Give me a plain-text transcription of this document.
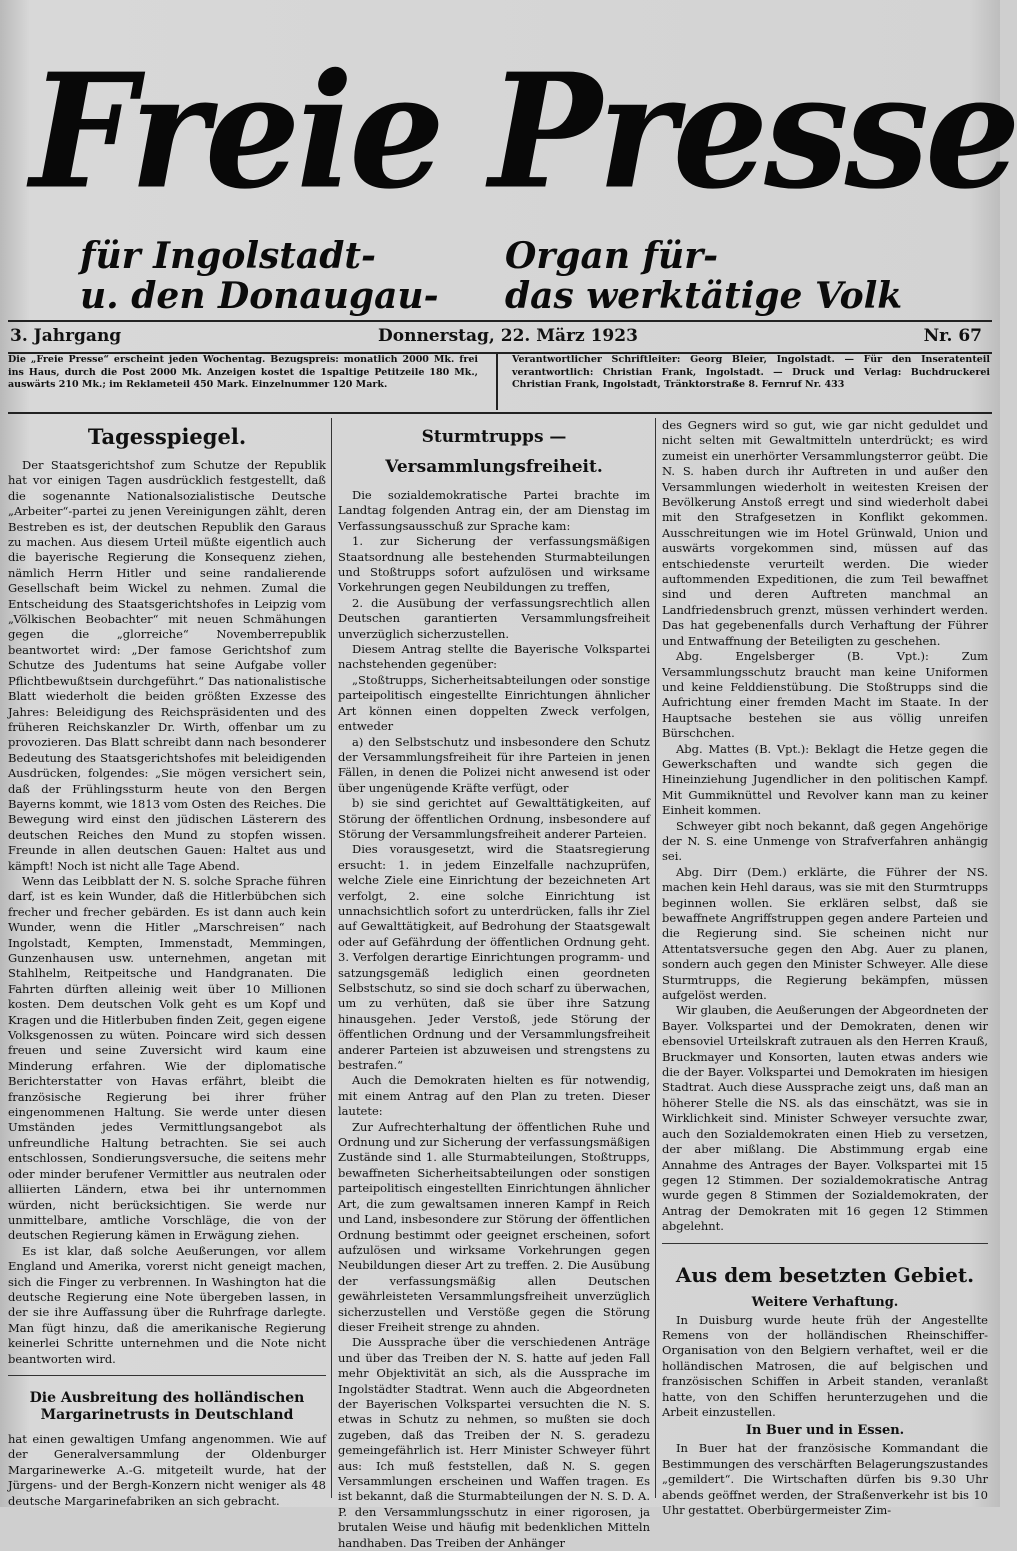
Freie Presse
für Ingolstadt-
u. den Donaugau-
Organ für-
das werktätige Volk
3. Jahrgang	Donnerstag, 22. März 1923	Nr. 67
Die „Freie Presse“ erscheint jeden Wochentag. Bezugspreis: monatlich 2000 Mk. frei ins Haus, durch die Post 2000 Mk. Anzeigen kostet die 1spaltige Petitzeile 180 Mk., auswärts 210 Mk.; im Reklameteil 450 Mark. Einzelnummer 120 Mark.
Verantwortlicher Schriftleiter: Georg Bleier, Ingolstadt. — Für den Inseratenteil verantwortlich: Christian Frank, Ingolstadt. — Druck und Verlag: Buchdruckerei Christian Frank, Ingolstadt, Tränktorstraße 8. Fernruf Nr. 433
Tagesspiegel.

Der Staatsgerichtshof zum Schutze der Republik hat vor einigen Tagen ausdrücklich festgestellt, daß die sogenannte Nationalsozialistische Deutsche „Arbeiter“-partei zu jenen Vereinigungen zählt, deren Bestreben es ist, der deutschen Republik den Garaus zu machen. Aus diesem Urteil müßte eigentlich auch die bayerische Regierung die Konsequenz ziehen, nämlich Herrn Hitler und seine randalierende Gesellschaft beim Wickel zu nehmen. Zumal die Entscheidung des Staatsgerichtshofes in Leipzig vom „Völkischen Beobachter“ mit neuen Schmähungen gegen die „glorreiche“ Novemberrepublik beantwortet wird: „Der famose Gerichtshof zum Schutze des Judentums hat seine Aufgabe voller Pflichtbewußtsein durchgeführt.“ Das nationalistische Blatt wiederholt die beiden größten Exzesse des Jahres: Beleidigung des Reichspräsidenten und des früheren Reichskanzler Dr. Wirth, offenbar um zu provozieren. Das Blatt schreibt dann nach besonderer Bedeutung des Staatsgerichtshofes mit beleidigenden Ausdrücken, folgendes: „Sie mögen versichert sein, daß der Frühlingssturm heute von den Bergen Bayerns kommt, wie 1813 vom Osten des Reiches. Die Bewegung wird einst den jüdischen Lästerern des deutschen Reiches den Mund zu stopfen wissen. Freunde in allen deutschen Gauen: Haltet aus und kämpft! Noch ist nicht alle Tage Abend.

Wenn das Leibblatt der N. S. solche Sprache führen darf, ist es kein Wunder, daß die Hitlerbübchen sich frecher und frecher gebärden. Es ist dann auch kein Wunder, wenn die Hitler „Marschreisen“ nach Ingolstadt, Kempten, Immenstadt, Memmingen, Gunzenhausen usw. unternehmen, angetan mit Stahlhelm, Reitpeitsche und Handgranaten. Die Fahrten dürften alleinig weit über 10 Millionen kosten. Dem deutschen Volk geht es um Kopf und Kragen und die Hitlerbuben finden Zeit, gegen eigene Volksgenossen zu wüten. Poincare wird sich dessen freuen und seine Zuversicht wird kaum eine Minderung erfahren. Wie der diplomatische Berichterstatter von Havas erfährt, bleibt die französische Regierung bei ihrer früher eingenommenen Haltung. Sie werde unter diesen Umständen jedes Vermittlungsangebot als unfreundliche Haltung betrachten. Sie sei auch entschlossen, Sondierungsversuche, die seitens mehr oder minder berufener Vermittler aus neutralen oder alliierten Ländern, etwa bei ihr unternommen würden, nicht berücksichtigen. Sie werde nur unmittelbare, amtliche Vorschläge, die von der deutschen Regierung kämen in Erwägung ziehen.

Es ist klar, daß solche Aeußerungen, vor allem England und Amerika, vorerst nicht geneigt machen, sich die Finger zu verbrennen. In Washington hat die deutsche Regierung eine Note übergeben lassen, in der sie ihre Auffassung über die Ruhrfrage darlegte. Man fügt hinzu, daß die amerikanische Regierung keinerlei Schritte unternehmen und die Note nicht beantworten wird.

Die Ausbreitung des holländischen Margarinetrusts in Deutschland

hat einen gewaltigen Umfang angenommen. Wie auf der Generalversammlung der Oldenburger Margarinewerke A.-G. mitgeteilt wurde, hat der Jürgens- und der Bergh-Konzern nicht weniger als 48 deutsche Margarinefabriken an sich gebracht.

Sturmtrupps — Versammlungsfreiheit.

Die sozialdemokratische Partei brachte im Landtag folgenden Antrag ein, der am Dienstag im Verfassungsausschuß zur Sprache kam:

1. zur Sicherung der verfassungsmäßigen Staatsordnung alle bestehenden Sturmabteilungen und Stoßtrupps sofort aufzulösen und wirksame Vorkehrungen gegen Neubildungen zu treffen,

2. die Ausübung der verfassungsrechtlich allen Deutschen garantierten Versammlungsfreiheit unverzüglich sicherzustellen.

Diesem Antrag stellte die Bayerische Volkspartei nachstehenden gegenüber:

„Stoßtrupps, Sicherheitsabteilungen oder sonstige parteipolitisch eingestellte Einrichtungen ähnlicher Art können einen doppelten Zweck verfolgen, entweder

a) den Selbstschutz und insbesondere den Schutz der Versammlungsfreiheit für ihre Parteien in jenen Fällen, in denen die Polizei nicht anwesend ist oder über ungenügende Kräfte verfügt, oder

b) sie sind gerichtet auf Gewalttätigkeiten, auf Störung der öffentlichen Ordnung, insbesondere auf Störung der Versammlungsfreiheit anderer Parteien.

Dies vorausgesetzt, wird die Staatsregierung ersucht: 1. in jedem Einzelfalle nachzuprüfen, welche Ziele eine Einrichtung der bezeichneten Art verfolgt, 2. eine solche Einrichtung ist unnachsichtlich sofort zu unterdrücken, falls ihr Ziel auf Gewalttätigkeit, auf Bedrohung der Staatsgewalt oder auf Gefährdung der öffentlichen Ordnung geht. 3. Verfolgen derartige Einrichtungen programm- und satzungsgemäß lediglich einen geordneten Selbstschutz, so sind sie doch scharf zu überwachen, um zu verhüten, daß sie über ihre Satzung hinausgehen. Jeder Verstoß, jede Störung der öffentlichen Ordnung und der Versammlungsfreiheit anderer Parteien ist abzuweisen und strengstens zu bestrafen.“

Auch die Demokraten hielten es für notwendig, mit einem Antrag auf den Plan zu treten. Dieser lautete:

Zur Aufrechterhaltung der öffentlichen Ruhe und Ordnung und zur Sicherung der verfassungsmäßigen Zustände sind 1. alle Sturmabteilungen, Stoßtrupps, bewaffneten Sicherheitsabteilungen oder sonstigen parteipolitisch eingestellten Einrichtungen ähnlicher Art, die zum gewaltsamen inneren Kampf in Reich und Land, insbesondere zur Störung der öffentlichen Ordnung bestimmt oder geeignet erscheinen, sofort aufzulösen und wirksame Vorkehrungen gegen Neubildungen dieser Art zu treffen. 2. Die Ausübung der verfassungsmäßig allen Deutschen gewährleisteten Versammlungsfreiheit unverzüglich sicherzustellen und Verstöße gegen die Störung dieser Freiheit strenge zu ahnden.

Die Aussprache über die verschiedenen Anträge und über das Treiben der N. S. hatte auf jeden Fall mehr Objektivität an sich, als die Aussprache im Ingolstädter Stadtrat. Wenn auch die Abgeordneten der Bayerischen Volkspartei versuchten die N. S. etwas in Schutz zu nehmen, so mußten sie doch zugeben, daß das Treiben der N. S. geradezu gemeingefährlich ist. Herr Minister Schweyer führt aus: Ich muß feststellen, daß N. S. gegen Versammlungen erscheinen und Waffen tragen. Es ist bekannt, daß die Sturmabteilungen der N. S. D. A. P. den Versammlungsschutz in einer rigorosen, ja brutalen Weise und häufig mit bedenklichen Mitteln handhaben. Das Treiben der Anhänger

des Gegners wird so gut, wie gar nicht geduldet und nicht selten mit Gewaltmitteln unterdrückt; es wird zumeist ein unerhörter Versammlungsterror geübt. Die N. S. haben durch ihr Auftreten in und außer den Versammlungen wiederholt in weitesten Kreisen der Bevölkerung Anstoß erregt und sind wiederholt dabei mit den Strafgesetzen in Konflikt gekommen. Ausschreitungen wie im Hotel Grünwald, Union und auswärts vorgekommen sind, müssen auf das entschiedenste verurteilt werden. Die wieder auftommenden Expeditionen, die zum Teil bewaffnet sind und deren Auftreten manchmal an Landfriedensbruch grenzt, müssen verhindert werden. Das hat gegebenenfalls durch Verhaftung der Führer und Entwaffnung der Beteiligten zu geschehen.

Abg. Engelsberger (B. Vpt.): Zum Versammlungsschutz braucht man keine Uniformen und keine Felddienstübung. Die Stoßtrupps sind die Aufrichtung einer fremden Macht im Staate. In der Hauptsache bestehen sie aus völlig unreifen Bürschchen.

Abg. Mattes (B. Vpt.): Beklagt die Hetze gegen die Gewerkschaften und wandte sich gegen die Hineinziehung Jugendlicher in den politischen Kampf. Mit Gummiknüttel und Revolver kann man zu keiner Einheit kommen.

Schweyer gibt noch bekannt, daß gegen Angehörige der N. S. eine Unmenge von Strafverfahren anhängig sei.

Abg. Dirr (Dem.) erklärte, die Führer der NS. machen kein Hehl daraus, was sie mit den Sturmtrupps beginnen wollen. Sie erklären selbst, daß sie bewaffnete Angriffstruppen gegen andere Parteien und die Regierung sind. Sie scheinen nicht nur Attentatsversuche gegen den Abg. Auer zu planen, sondern auch gegen den Minister Schweyer. Alle diese Sturmtrupps, die Regierung bekämpfen, müssen aufgelöst werden.

Wir glauben, die Aeußerungen der Abgeordneten der Bayer. Volkspartei und der Demokraten, denen wir ebensoviel Urteilskraft zutrauen als den Herren Krauß, Bruckmayer und Konsorten, lauten etwas anders wie die der Bayer. Volkspartei und Demokraten im hiesigen Stadtrat. Auch diese Aussprache zeigt uns, daß man an höherer Stelle die NS. als das einschätzt, was sie in Wirklichkeit sind. Minister Schweyer versuchte zwar, auch den Sozialdemokraten einen Hieb zu versetzen, der aber mißlang. Die Abstimmung ergab eine Annahme des Antrages der Bayer. Volkspartei mit 15 gegen 12 Stimmen. Der sozialdemokratische Antrag wurde gegen 8 Stimmen der Sozialdemokraten, der Antrag der Demokraten mit 16 gegen 12 Stimmen abgelehnt.

Aus dem besetzten Gebiet.
Weitere Verhaftung.

In Duisburg wurde heute früh der Angestellte Remens von der holländischen Rheinschiffer-Organisation von den Belgiern verhaftet, weil er die holländischen Matrosen, die auf belgischen und französischen Schiffen in Arbeit standen, veranlaßt hatte, von den Schiffen herunterzugehen und die Arbeit einzustellen.

In Buer und in Essen.

In Buer hat der französische Kommandant die Bestimmungen des verschärften Belagerungszustandes „gemildert“. Die Wirtschaften dürfen bis 9.30 Uhr abends geöffnet werden, der Straßenverkehr ist bis 10 Uhr gestattet. Oberbürgermeister Zim-
